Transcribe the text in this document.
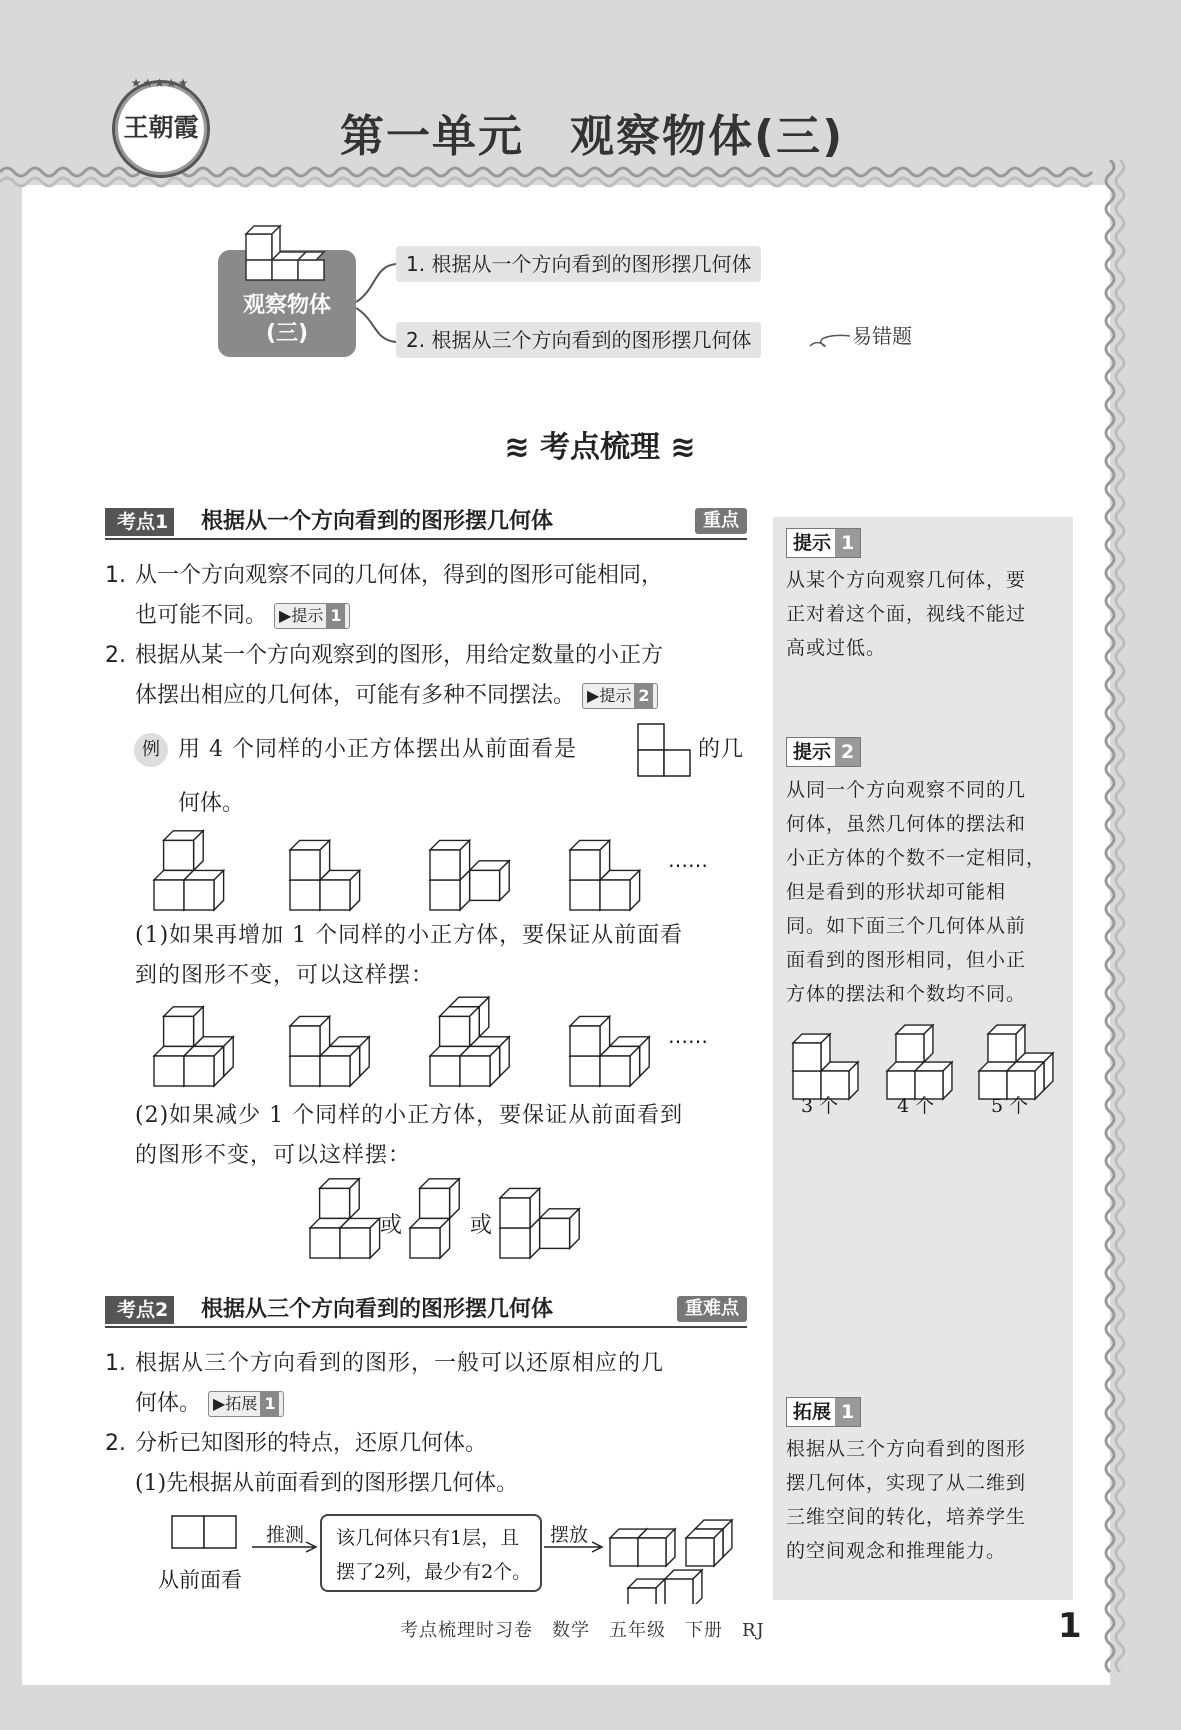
★★★★★
王朝霞	第一单元　观察物体(三)
观察物体
(三)
1. 根据从一个方向看到的图形摆几何体
2. 根据从三个方向看到的图形摆几何体	易错题
≋ 考点梳理 ≋
提示 1
从某个方向观察几何体，要
正对着这个面，视线不能过
高或过低。
提示 2
从同一个方向观察不同的几
何体，虽然几何体的摆法和
小正方体的个数不一定相同，
但是看到的形状却可能相
同。如下面三个几何体从前
面看到的图形相同，但小正
方体的摆法和个数均不同。
3 个	4 个	5 个
拓展 1
根据从三个方向看到的图形
摆几何体，实现了从二维到
三维空间的转化，培养学生
的空间观念和推理能力。
考点1 根据从一个方向看到的图形摆几何体	重点
1. 从一个方向观察不同的几何体，得到的图形可能相同，
也可能不同。 ▶提示 1
2. 根据从某一个方向观察到的图形，用给定数量的小正方
体摆出相应的几何体，可能有多种不同摆法。 ▶提示 2
例 用 4 个同样的小正方体摆出从前面看是	的几
何体。
……
(1)如果再增加 1 个同样的小正方体，要保证从前面看
到的图形不变，可以这样摆：
……
(2)如果减少 1 个同样的小正方体，要保证从前面看到
的图形不变，可以这样摆：
或	或
考点2 根据从三个方向看到的图形摆几何体	重难点
1. 根据从三个方向看到的图形，一般可以还原相应的几
何体。 ▶拓展 1
2. 分析已知图形的特点，还原几何体。
(1)先根据从前面看到的图形摆几何体。
从前面看
推测 该几何体只有1层，且
摆了2列，最少有2个。
摆放
考点梳理时习卷　数学　五年级　下册　RJ	1
